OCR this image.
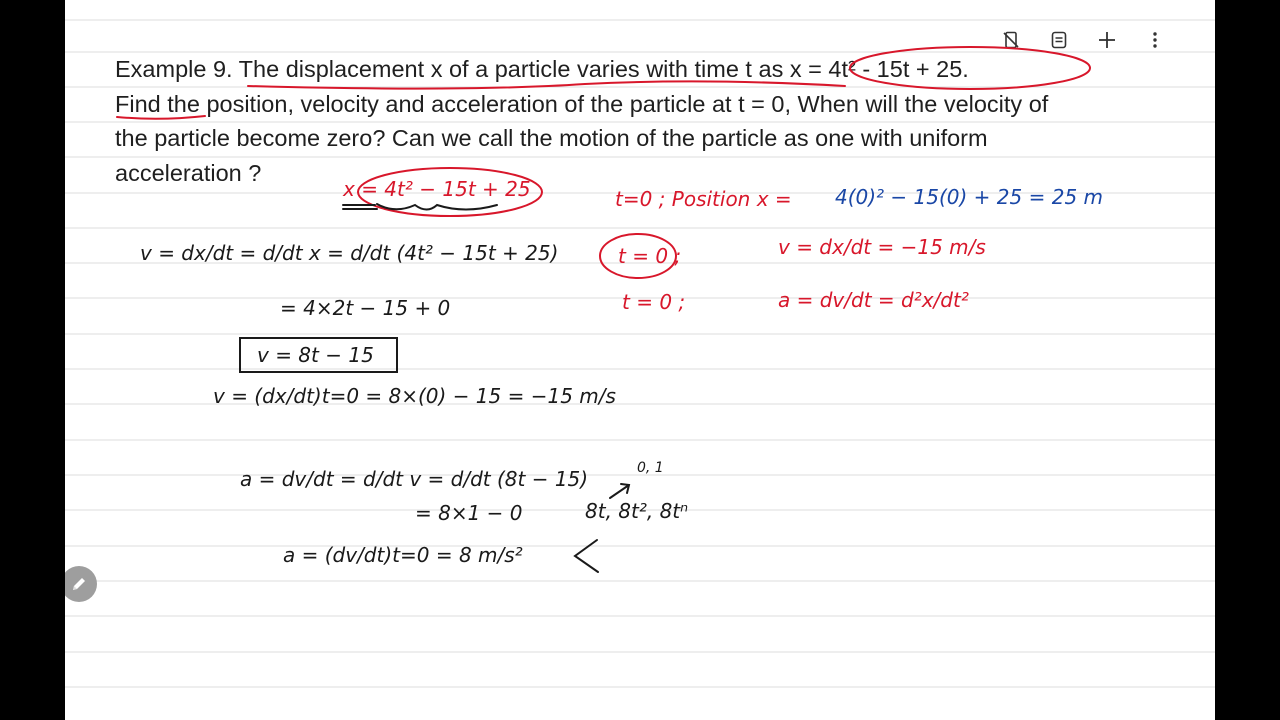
Example 9. The displacement x of a particle varies with time t as x = 4t² - 15t + 25.

Find the position, velocity and acceleration of the particle at t = 0, When will the velocity of

the particle become zero? Can we call the motion of the particle as one with uniform

acceleration ?

v = dx/dt = d/dt x = d/dt (4t² − 15t + 25)
= 4×2t − 15 + 0
v = 8t − 15
v = (dx/dt)t=0 = 8×(0) − 15 = −15 m/s
a = dv/dt = d/dt v = d/dt (8t − 15)
= 8×1 − 0
a = (dv/dt)t=0 = 8 m/s²
8t, 8t², 8tⁿ
0, 1
x = 4t² − 15t + 25	t=0 ; Position x =
t = 0 ;	v = dx/dt = −15 m/s
t = 0 ;	a = dv/dt = d²x/dt²
4(0)² − 15(0) + 25 = 25 m
